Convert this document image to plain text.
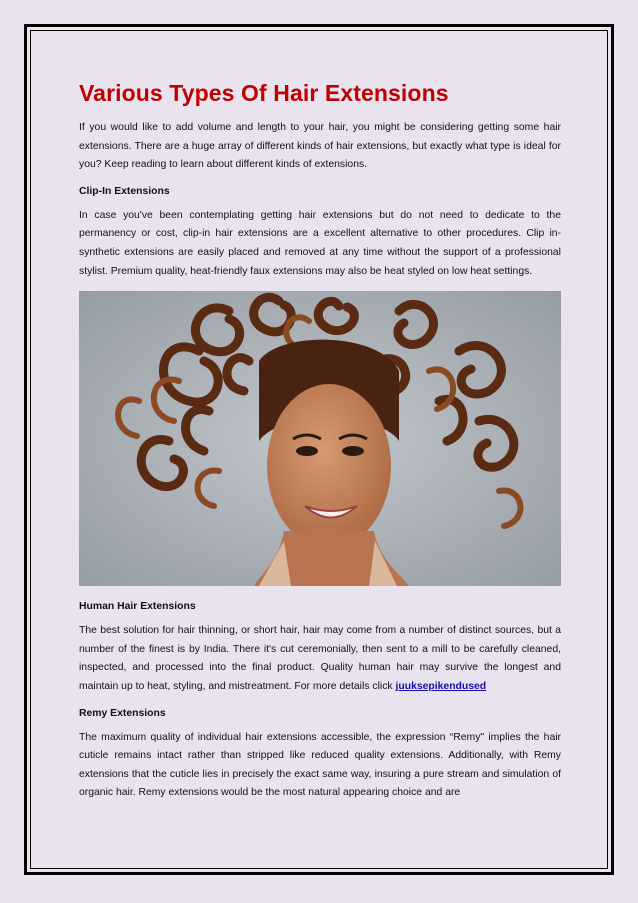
Various Types Of Hair Extensions

If you would like to add volume and length to your hair, you might be considering getting some hair extensions. There are a huge array of different kinds of hair extensions, but exactly what type is ideal for you? Keep reading to learn about different kinds of extensions.

Clip-In Extensions

In case you've been contemplating getting hair extensions but do not need to dedicate to the permanency or cost, clip-in hair extensions are a excellent alternative to other procedures. Clip in-synthetic extensions are easily placed and removed at any time without the support of a professional stylist. Premium quality, heat-friendly faux extensions may also be heat styled on low heat settings.

Human Hair Extensions

The best solution for hair thinning, or short hair, hair may come from a number of distinct sources, but a number of the finest is by India. There it's cut ceremonially, then sent to a mill to be carefully cleaned, inspected, and processed into the final product. Quality human hair may survive the longest and maintain up to heat, styling, and mistreatment. For more details click juuksepikendused

Remy Extensions

The maximum quality of individual hair extensions accessible, the expression “Remy" implies the hair cuticle remains intact rather than stripped like reduced quality extensions. Additionally, with Remy extensions that the cuticle lies in precisely the exact same way, insuring a pure stream and simulation of organic hair. Remy extensions would be the most natural appearing choice and are
